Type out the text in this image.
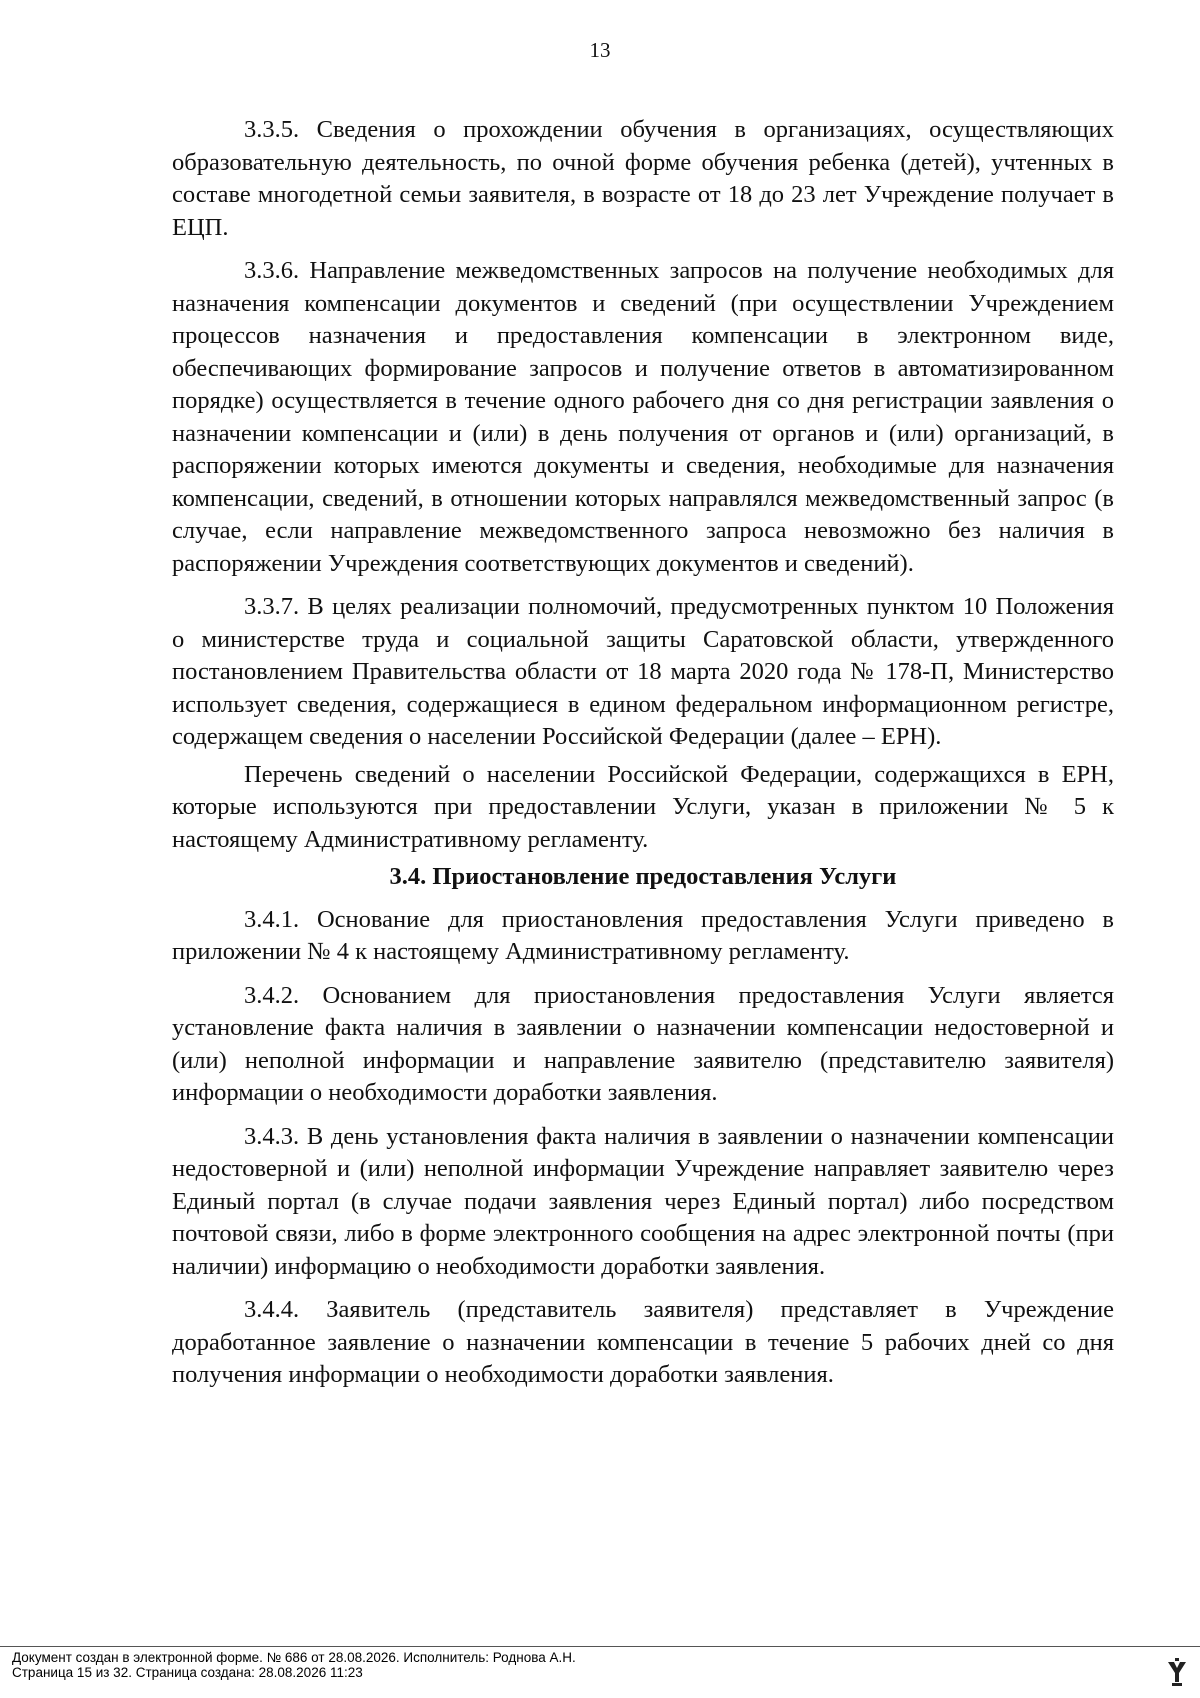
13

3.3.5. Сведения о прохождении обучения в организациях, осуществляющих образовательную деятельность, по очной форме обучения ребенка (детей), учтенных в составе многодетной семьи заявителя, в возрасте от 18 до 23 лет Учреждение получает в ЕЦП.

3.3.6. Направление межведомственных запросов на получение необходимых для назначения компенсации документов и сведений (при осуществлении Учреждением процессов назначения и предоставления компенсации в электронном виде, обеспечивающих формирование запросов и получение ответов в автоматизированном порядке) осуществляется в течение одного рабочего дня со дня регистрации заявления о назначении компенсации и (или) в день получения от органов и (или) организаций, в распоряжении которых имеются документы и сведения, необходимые для назначения компенсации, сведений, в отношении которых направлялся межведомственный запрос (в случае, если направление межведомственного запроса невозможно без наличия в распоряжении Учреждения соответствующих документов и сведений).

3.3.7. В целях реализации полномочий, предусмотренных пунктом 10 Положения о министерстве труда и социальной защиты Саратовской области, утвержденного постановлением Правительства области от 18 марта 2020 года № 178-П, Министерство использует сведения, содержащиеся в едином федеральном информационном регистре, содержащем сведения о населении Российской Федерации (далее – ЕРН).

Перечень сведений о населении Российской Федерации, содержащихся в ЕРН, которые используются при предоставлении Услуги, указан в приложении № 5 к настоящему Административному регламенту.

3.4. Приостановление предоставления Услуги

3.4.1. Основание для приостановления предоставления Услуги приведено в приложении № 4 к настоящему Административному регламенту.

3.4.2. Основанием для приостановления предоставления Услуги является установление факта наличия в заявлении о назначении компенсации недостоверной и (или) неполной информации и направление заявителю (представителю заявителя) информации о необходимости доработки заявления.

3.4.3. В день установления факта наличия в заявлении о назначении компенсации недостоверной и (или) неполной информации Учреждение направляет заявителю через Единый портал (в случае подачи заявления через Единый портал) либо посредством почтовой связи, либо в форме электронного сообщения на адрес электронной почты (при наличии) информацию о необходимости доработки заявления.

3.4.4. Заявитель (представитель заявителя) представляет в Учреждение доработанное заявление о назначении компенсации в течение 5 рабочих дней со дня получения информации о необходимости доработки заявления.

Документ создан в электронной форме. № 686 от 28.08.2026. Исполнитель: Роднова А.Н.
Страница 15 из 32. Страница создана: 28.08.2026 11:23
